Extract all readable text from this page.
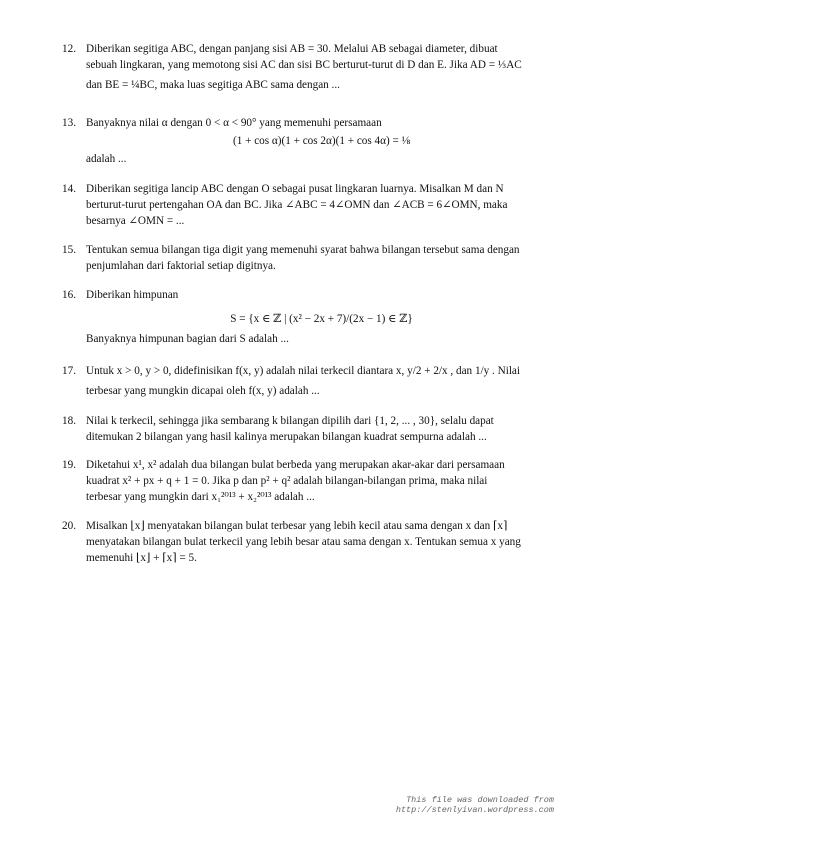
12. Diberikan segitiga ABC, dengan panjang sisi AB = 30. Melalui AB sebagai diameter, dibuat
sebuah lingkaran, yang memotong sisi AC dan sisi BC berturut-turut di D dan E. Jika AD = ⅓AC
dan BE = ¼BC, maka luas segitiga ABC sama dengan ...
13. Banyaknya nilai α dengan 0 < α < 90° yang memenuhi persamaan
(1 + cos α)(1 + cos 2α)(1 + cos 4α) = ⅛
adalah ...
14. Diberikan segitiga lancip ABC dengan O sebagai pusat lingkaran luarnya. Misalkan M dan N
berturut-turut pertengahan OA dan BC. Jika ∠ABC = 4∠OMN dan ∠ACB = 6∠OMN, maka
besarnya ∠OMN = ...
15. Tentukan semua bilangan tiga digit yang memenuhi syarat bahwa bilangan tersebut sama dengan
penjumlahan dari faktorial setiap digitnya.
16. Diberikan himpunan
S = {x ∈ ℤ | (x² − 2x + 7)/(2x − 1) ∈ ℤ}
Banyaknya himpunan bagian dari S adalah ...
17. Untuk x > 0, y > 0, didefinisikan f(x, y) adalah nilai terkecil diantara x, y/2 + 2/x , dan 1/y . Nilai
terbesar yang mungkin dicapai oleh f(x, y) adalah ...
18. Nilai k terkecil, sehingga jika sembarang k bilangan dipilih dari {1, 2, ... , 30}, selalu dapat
ditemukan 2 bilangan yang hasil kalinya merupakan bilangan kuadrat sempurna adalah ...
19. Diketahui x¹, x² adalah dua bilangan bulat berbeda yang merupakan akar-akar dari persamaan
kuadrat x² + px + q + 1 = 0. Jika p dan p² + q² adalah bilangan-bilangan prima, maka nilai
terbesar yang mungkin dari x₁²⁰¹³ + x₂²⁰¹³ adalah ...
20. Misalkan ⌊x⌋ menyatakan bilangan bulat terbesar yang lebih kecil atau sama dengan x dan ⌈x⌉
menyatakan bilangan bulat terkecil yang lebih besar atau sama dengan x. Tentukan semua x yang
memenuhi ⌊x⌋ + ⌈x⌉ = 5.
This file was downloaded from
http://stenlyivan.wordpress.com
